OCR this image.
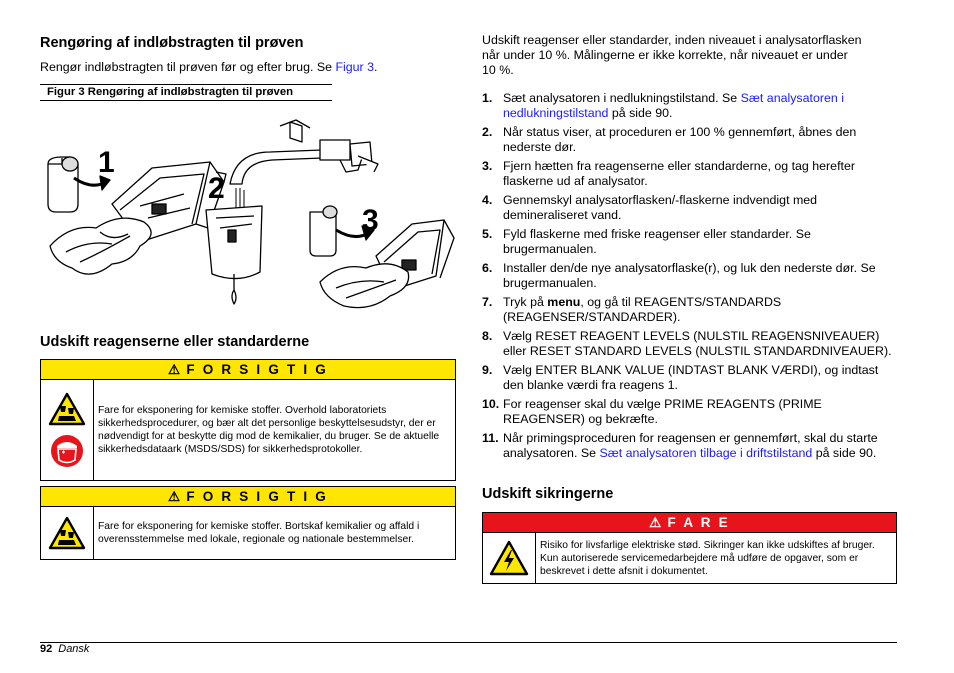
Rengøring af indløbstragten til prøven

Rengør indløbstragten til prøven før og efter brug. Se Figur 3.

Figur 3 Rengøring af indløbstragten til prøven
1
2
3
Udskift reagenserne eller standarderne
⚠ F O R S I G T I G
Fare for eksponering for kemiske stoffer. Overhold laboratoriets sikkerhedsprocedurer, og bær alt det personlige beskyttelsesudstyr, der er nødvendigt for at beskytte dig mod de kemikalier, du bruger. Se de aktuelle sikkerhedsdataark (MSDS/SDS) for sikkerhedsprotokoller.
⚠ F O R S I G T I G
Fare for eksponering for kemiske stoffer. Bortskaf kemikalier og affald i overensstemmelse med lokale, regionale og nationale bestemmelser.

Udskift reagenser eller standarder, inden niveauet i analysatorflasken
når under 10 %. Målingerne er ikke korrekte, når niveauet er under
10 %.

1. Sæt analysatoren i nedlukningstilstand. Se Sæt analysatoren i nedlukningstilstand på side 90.
2. Når status viser, at proceduren er 100 % gennemført, åbnes den nederste dør.
3. Fjern hætten fra reagenserne eller standarderne, og tag herefter flaskerne ud af analysator.
4. Gennemskyl analysatorflasken/-flaskerne indvendigt med demineraliseret vand.
5. Fyld flaskerne med friske reagenser eller standarder. Se brugermanualen.
6. Installer den/de nye analysatorflaske(r), og luk den nederste dør. Se brugermanualen.
7. Tryk på menu, og gå til REAGENTS/STANDARDS (REAGENSER/STANDARDER).
8. Vælg RESET REAGENT LEVELS (NULSTIL REAGENSNIVEAUER) eller RESET STANDARD LEVELS (NULSTIL STANDARDNIVEAUER).
9. Vælg ENTER BLANK VALUE (INDTAST BLANK VÆRDI), og indtast den blanke værdi fra reagens 1.
10. For reagenser skal du vælge PRIME REAGENTS (PRIME REAGENSER) og bekræfte.
11. Når primingsproceduren for reagensen er gennemført, skal du starte analysatoren. Se Sæt analysatoren tilbage i driftstilstand på side 90.
Udskift sikringerne
⚠ F A R E
Risiko for livsfarlige elektriske stød. Sikringer kan ikke udskiftes af bruger. Kun autoriserede servicemedarbejdere må udføre de opgaver, som er beskrevet i dette afsnit i dokumentet.
92 Dansk
